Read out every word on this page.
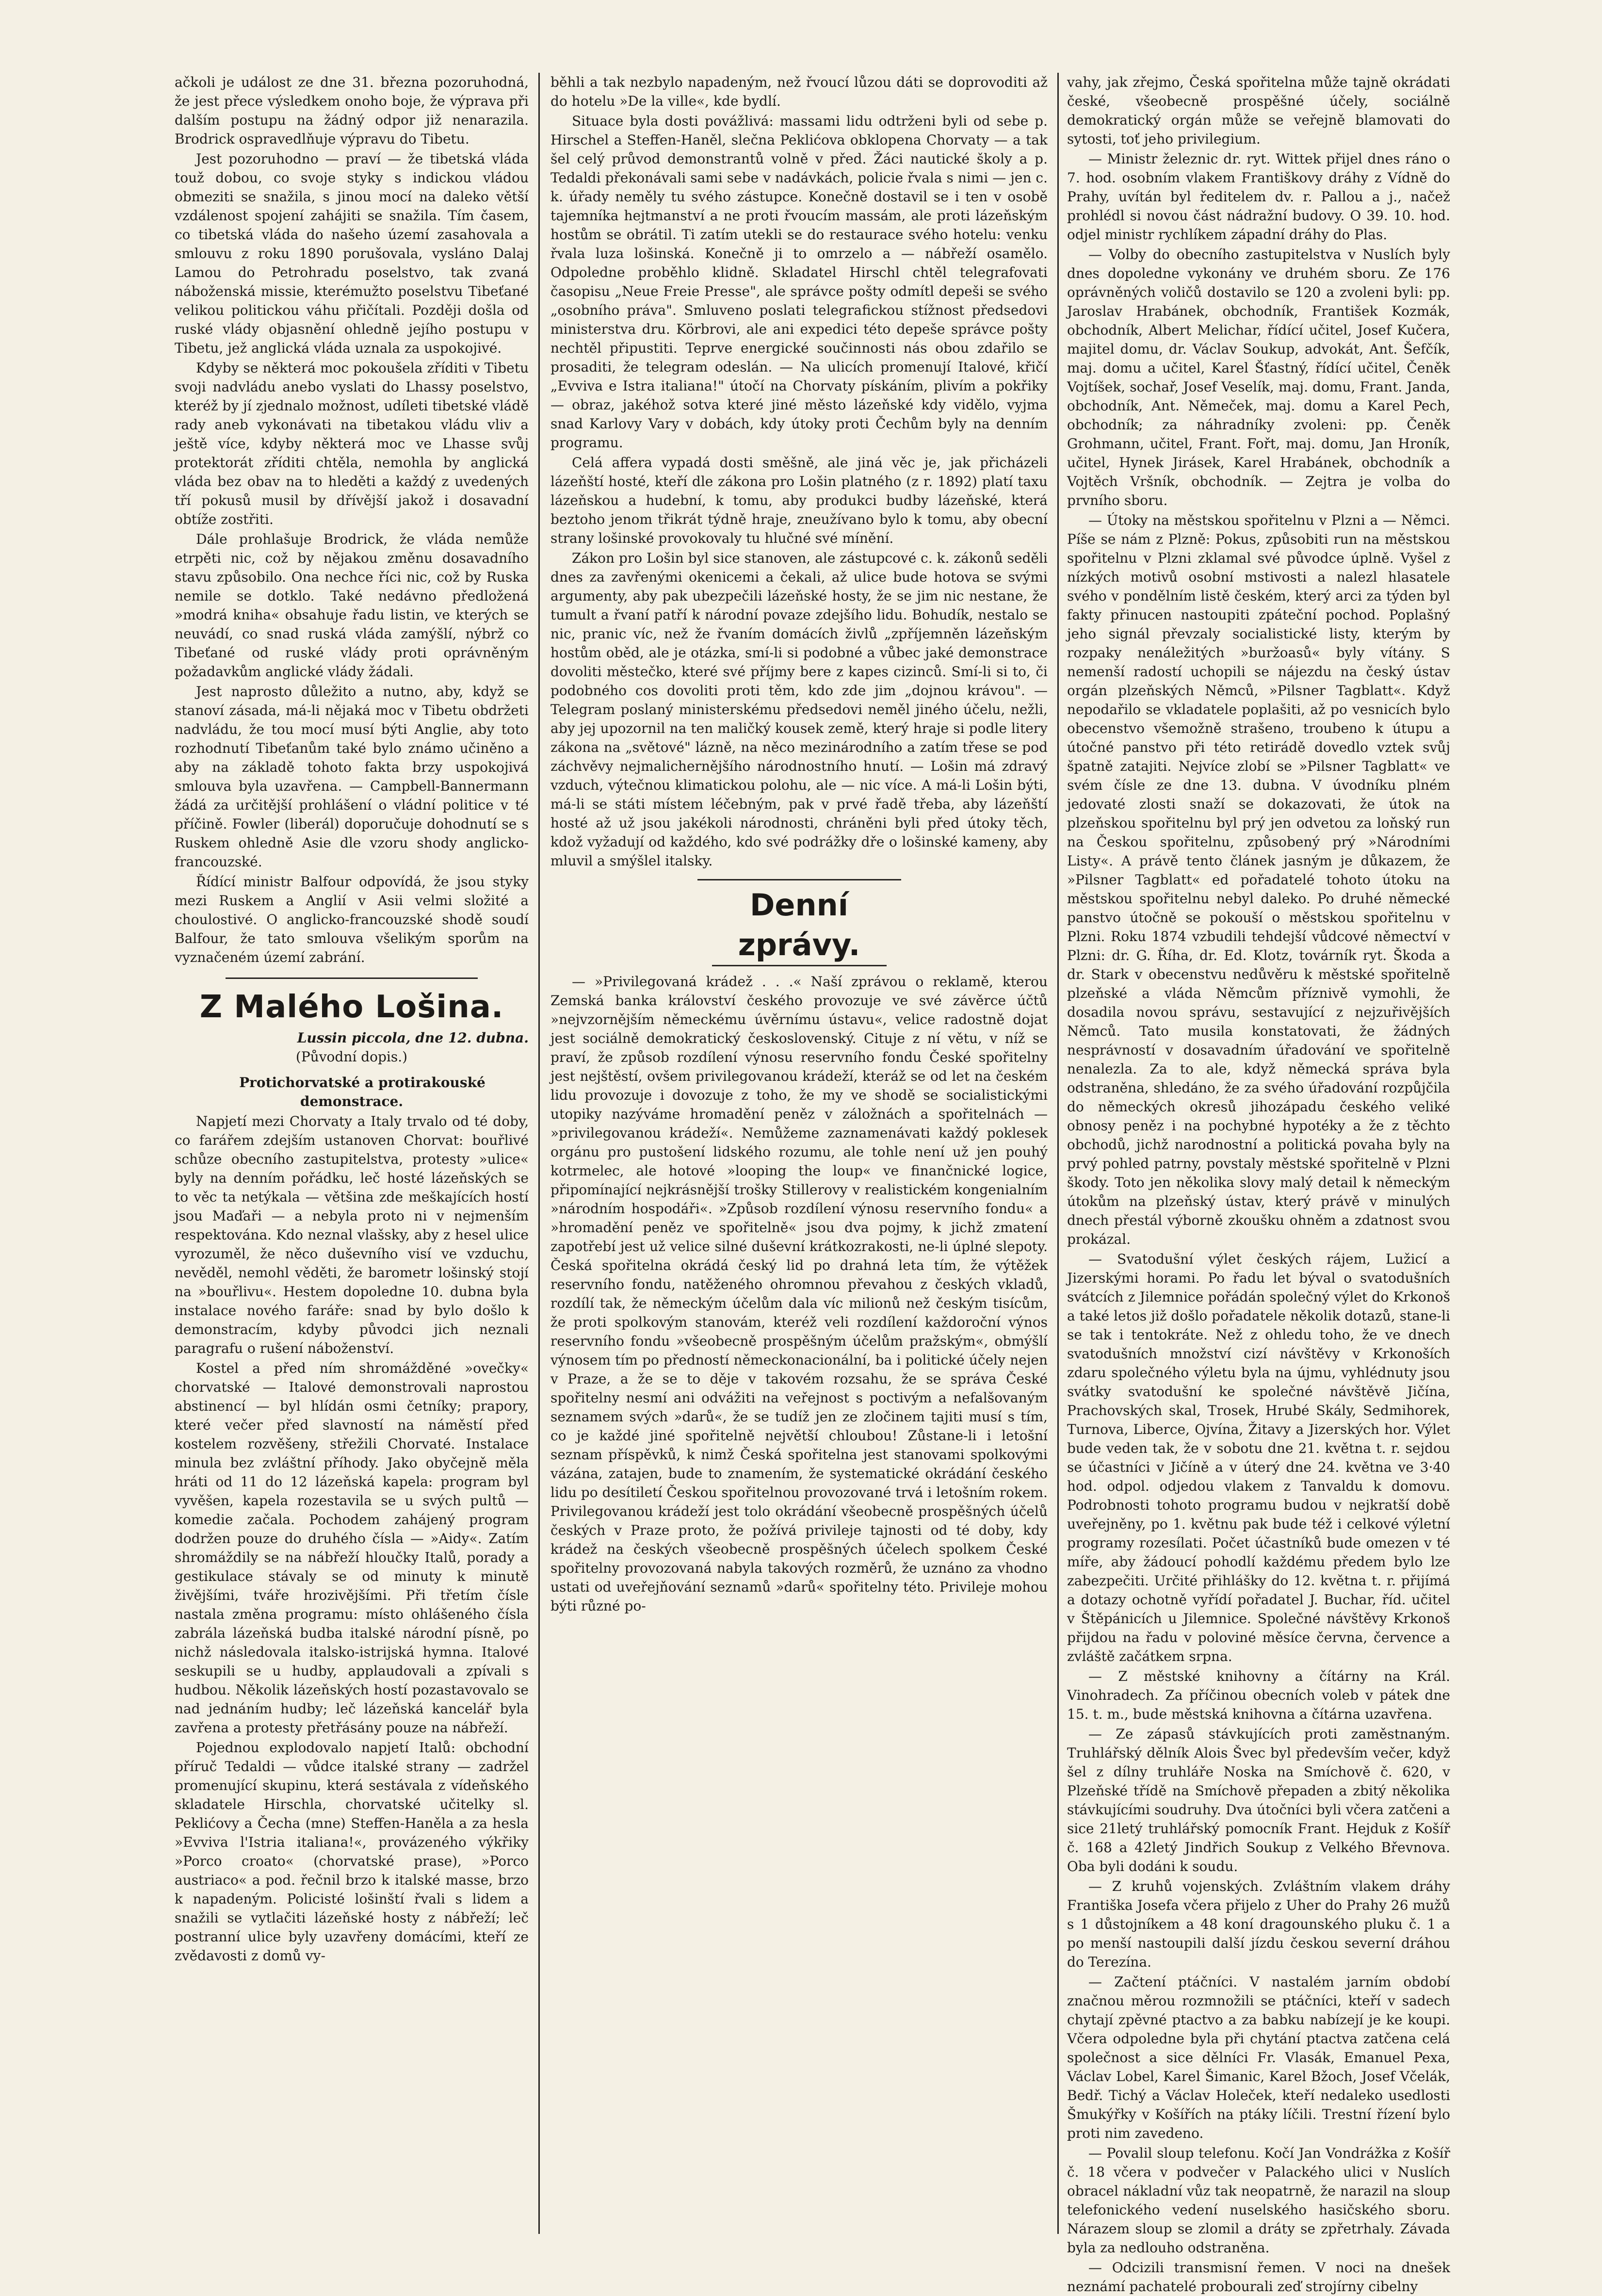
ačkoli je událost ze dne 31. března pozoruhodná, že jest přece výsledkem onoho boje, že výprava při dalším postupu na žádný odpor již nenarazila. Brodrick ospravedlňuje výpravu do Tibetu.

Jest pozoruhodno — praví — že tibetská vláda touž dobou, co svoje styky s indickou vládou obmeziti se snažila, s jinou mocí na daleko větší vzdálenost spojení zahájiti se snažila. Tím časem, co tibetská vláda do našeho území zasahovala a smlouvu z roku 1890 porušovala, vysláno Dalaj Lamou do Petrohradu poselstvo, tak zvaná náboženská missie, kterémužto poselstvu Tibeťané velikou politickou váhu přičítali. Později došla od ruské vlády objasnění ohledně jejího postupu v Tibetu, jež anglická vláda uznala za uspokojivé.

Kdyby se některá moc pokoušela zříditi v Tibetu svoji nadvládu anebo vyslati do Lhassy poselstvo, kteréž by jí zjednalo možnost, udíleti tibetské vládě rady aneb vykonávati na tibetakou vládu vliv a ještě více, kdyby některá moc ve Lhasse svůj protektorát zříditi chtěla, nemohla by anglická vláda bez obav na to hleděti a každý z uvedených tří pokusů musil by dřívější jakož i dosavadní obtíže zostřiti.

Dále prohlašuje Brodrick, že vláda nemůže etrpěti nic, což by nějakou změnu dosavadního stavu způsobilo. Ona nechce říci nic, což by Ruska nemile se dotklo. Také nedávno předložená »modrá kniha« obsahuje řadu listin, ve kterých se neuvádí, co snad ruská vláda zamýšlí, nýbrž co Tibeťané od ruské vlády proti oprávněným požadavkům anglické vlády žádali.

Jest naprosto důležito a nutno, aby, když se stanoví zásada, má-li nějaká moc v Tibetu obdržeti nadvládu, že tou mocí musí býti Anglie, aby toto rozhodnutí Tibeťanům také bylo známo učiněno a aby na základě tohoto fakta brzy uspokojivá smlouva byla uzavřena. — Campbell-Bannermann žádá za určitější prohlášení o vládní politice v té příčině. Fowler (liberál) doporučuje dohodnutí se s Ruskem ohledně Asie dle vzoru shody anglicko-francouzské.

Řídící ministr Balfour odpovídá, že jsou styky mezi Ruskem a Anglií v Asii velmi složité a choulostivé. O anglicko-francouzské shodě soudí Balfour, že tato smlouva všelikým sporům na vyznačeném území zabrání.

Z Malého Lošina.

Lussin piccola, dne 12. dubna.

(Původní dopis.)

Protichorvatské a protirakouské demonstrace.

Napjetí mezi Chorvaty a Italy trvalo od té doby, co farářem zdejším ustanoven Chorvat: bouřlivé schůze obecního zastupitelstva, protesty »ulice« byly na denním pořádku, leč hosté lázeňských se to věc ta netýkala — většina zde meškajících hostí jsou Maďaři — a nebyla proto ni v nejmenším respektována. Kdo neznal vlašsky, aby z hesel ulice vyrozuměl, že něco duševního visí ve vzduchu, nevěděl, nemohl věděti, že barometr lošinský stojí na »bouřlivu«. Hestem dopoledne 10. dubna byla instalace nového faráře: snad by bylo došlo k demonstracím, kdyby původci jich neznali paragrafu o rušení náboženství.

Kostel a před ním shromážděné »ovečky« chorvatské — Italové demonstrovali naprostou abstinencí — byl hlídán osmi četníky; prapory, které večer před slavností na náměstí před kostelem rozvěšeny, střežili Chorvaté. Instalace minula bez zvláštní příhody. Jako obyčejně měla hráti od 11 do 12 lázeňská kapela: program byl vyvěšen, kapela rozestavila se u svých pultů — komedie začala. Pochodem zahájený program dodržen pouze do druhého čísla — »Aidy«. Zatím shromáždily se na nábřeží hloučky Italů, porady a gestikulace stávaly se od minuty k minutě živějšími, tváře hrozivějšími. Při třetím čísle nastala změna programu: místo ohlášeného čísla zabrála lázeňská budba italské národní písně, po nichž následovala italsko-istrijská hymna. Italové seskupili se u hudby, applaudovali a zpívali s hudbou. Několik lázeňských hostí pozastavovalo se nad jednáním hudby; leč lázeňská kancelář byla zavřena a protesty přetřásány pouze na nábřeží.

Pojednou explodovalo napjetí Italů: obchodní příruč Tedaldi — vůdce italské strany — zadržel promenující skupinu, která sestávala z vídeňského skladatele Hirschla, chorvatské učitelky sl. Peklićovy a Čecha (mne) Steffen-Haněla a za hesla »Evviva l'Istria italiana!«, provázeného výkřiky »Porco croato« (chorvatské prase), »Porco austriaco« a pod. řečnil brzo k italské masse, brzo k napadeným. Policisté lošinští řvali s lidem a snažili se vytlačiti lázeňské hosty z nábřeží; leč postranní ulice byly uzavřeny domácími, kteří ze zvědavosti z domů vy-

běhli a tak nezbylo napadeným, než řvoucí lůzou dáti se doprovoditi až do hotelu »De la ville«, kde bydlí.

Situace byla dosti povážlivá: massami lidu odtrženi byli od sebe p. Hirschel a Steffen-Haněl, slečna Peklićova obklopena Chorvaty — a tak šel celý průvod demonstrantů volně v před. Žáci nautické školy a p. Tedaldi překonávali sami sebe v nadávkách, policie řvala s nimi — jen c. k. úřady neměly tu svého zástupce. Konečně dostavil se i ten v osobě tajemníka hejtmanství a ne proti řvoucím massám, ale proti lázeňským hostům se obrátil. Ti zatím utekli se do restaurace svého hotelu: venku řvala luza lošinská. Konečně ji to omrzelo a — nábřeží osamělo. Odpoledne proběhlo klidně. Skladatel Hirschl chtěl telegrafovati časopisu „Neue Freie Presse", ale správce pošty odmítl depeši se svého „osobního práva". Smluveno poslati telegrafickou stížnost předsedovi ministerstva dru. Körbrovi, ale ani expedici této depeše správce pošty nechtěl připustiti. Teprve energické součinnosti nás obou zdařilo se prosaditi, že telegram odeslán. — Na ulicích promenují Italové, křičí „Evviva e Istra italiana!" útočí na Chorvaty pískáním, plivím a pokřiky — obraz, jakéhož sotva které jiné město lázeňské kdy vidělo, vyjma snad Karlovy Vary v dobách, kdy útoky proti Čechům byly na denním programu.

Celá affera vypadá dosti směšně, ale jiná věc je, jak přicházeli lázeňští hosté, kteří dle zákona pro Lošin platného (z r. 1892) platí taxu lázeňskou a hudební, k tomu, aby produkci budby lázeňské, která beztoho jenom třikrát týdně hraje, zneužívano bylo k tomu, aby obecní strany lošinské provokovaly tu hlučné své mínění.

Zákon pro Lošin byl sice stanoven, ale zástupcové c. k. zákonů seděli dnes za zavřenými okenicemi a čekali, až ulice bude hotova se svými argumenty, aby pak ubezpečili lázeňské hosty, že se jim nic nestane, že tumult a řvaní patří k národní povaze zdejšího lidu. Bohudík, nestalo se nic, pranic víc, než že řvaním domácích živlů „zpříjemněn lázeňským hostům oběd, ale je otázka, smí-li si podobné a vůbec jaké demonstrace dovoliti městečko, které své příjmy bere z kapes cizinců. Smí-li si to, či podobného cos dovoliti proti těm, kdo zde jim „dojnou krávou". — Telegram poslaný ministerskému předsedovi neměl jiného účelu, nežli, aby jej upozornil na ten maličký kousek země, který hraje si podle litery zákona na „světové" lázně, na něco mezinárodního a zatím třese se pod záchvěvy nejmalichernějšího národnostního hnutí. — Lošin má zdravý vzduch, výtečnou klimatickou polohu, ale — nic více. A má-li Lošin býti, má-li se státi místem léčebným, pak v prvé řadě třeba, aby lázeňští hosté až už jsou jakékoli národnosti, chráněni byli před útoky těch, kdož vyžadují od každého, kdo své podrážky dře o lošinské kameny, aby mluvil a smýšlel italsky.

Denní zprávy.

— »Privilegovaná krádež . . .« Naší zprávou o reklamě, kterou Zemská banka království českého provozuje ve své závěrce účtů »nejvzornějším německému úvěrnímu ústavu«, velice radostně dojat jest sociálně demokratický československý. Cituje z ní větu, v níž se praví, že způsob rozdílení výnosu reservního fondu České spořitelny jest nejštěstí, ovšem privilegovanou krádeží, kteráž se od let na českém lidu provozuje i dovozuje z toho, že my ve shodě se socialistickými utopiky nazýváme hromadění peněz v záložnách a spořitelnách — »privilegovanou krádeží«. Nemůžeme zaznamenávati každý poklesek orgánu pro pustošení lidského rozumu, ale tohle není už jen pouhý kotrmelec, ale hotové »looping the loup« ve finančnické logice, připomínající nejkrásnější trošky Stillerovy v realistickém kongenialním »národním hospodáři«. »Způsob rozdílení výnosu reservního fondu« a »hromadění peněz ve spořitelně« jsou dva pojmy, k jichž zmatení zapotřebí jest už velice silné duševní krátkozrakosti, ne-li úplné slepoty. Česká spořitelna okrádá český lid po drahná leta tím, že výtěžek reservního fondu, natěženého ohromnou převahou z českých vkladů, rozdílí tak, že německým účelům dala víc milionů než českým tisícům, že proti spolkovým stanovám, kteréž veli rozdílení každoroční výnos reservního fondu »všeobecně prospěšným účelům pražským«, obmýšlí výnosem tím po předností německonacionální, ba i politické účely nejen v Praze, a že se to děje v takovém rozsahu, že se správa České spořitelny nesmí ani odvážiti na veřejnost s poctivým a nefalšovaným seznamem svých »darů«, že se tudíž jen ze zločinem tajiti musí s tím, co je každé jiné spořitelně největší chloubou! Zůstane-li i letošní seznam příspěvků, k nimž Česká spořitelna jest stanovami spolkovými vázána, zatajen, bude to znamením, že systematické okrádání českého lidu po desítiletí Českou spořitelnou provozované trvá i letošním rokem. Privilegovanou krádeží jest tolo okrádání všeobecně prospěšných účelů českých v Praze proto, že požívá privileje tajnosti od té doby, kdy krádež na českých všeobecně prospěšných účelech spolkem České spořitelny provozovaná nabyla takových rozměrů, že uznáno za vhodno ustati od uveřejňování seznamů »darů« spořitelny této. Privileje mohou býti různé po-

vahy, jak zřejmo, Česká spořitelna může tajně okrádati české, všeobecně prospěšné účely, sociálně demokratický orgán může se veřejně blamovati do sytosti, toť jeho privilegium.

— Ministr železnic dr. ryt. Wittek přijel dnes ráno o 7. hod. osobním vlakem Františkovy dráhy z Vídně do Prahy, uvítán byl ředitelem dv. r. Pallou a j., načež prohlédl si novou část nádražní budovy. O 39. 10. hod. odjel ministr rychlíkem západní dráhy do Plas.

— Volby do obecního zastupitelstva v Nuslích byly dnes dopoledne vykonány ve druhém sboru. Ze 176 oprávněných voličů dostavilo se 120 a zvoleni byli: pp. Jaroslav Hrabánek, obchodník, František Kozmák, obchodník, Albert Melichar, řídící učitel, Josef Kučera, majitel domu, dr. Václav Soukup, advokát, Ant. Šefčík, maj. domu a učitel, Karel Šťastný, řídící učitel, Čeněk Vojtíšek, sochař, Josef Veselík, maj. domu, Frant. Janda, obchodník, Ant. Němeček, maj. domu a Karel Pech, obchodník; za náhradníky zvoleni: pp. Čeněk Grohmann, učitel, Frant. Fořt, maj. domu, Jan Hroník, učitel, Hynek Jirásek, Karel Hrabánek, obchodník a Vojtěch Vršník, obchodník. — Zejtra je volba do prvního sboru.

— Útoky na městskou spořitelnu v Plzni a — Němci. Píše se nám z Plzně: Pokus, způsobiti run na městskou spořitelnu v Plzni zklamal své původce úplně. Vyšel z nízkých motivů osobní mstivosti a nalezl hlasatele svého v pondělním listě českém, který arci za týden byl fakty přinucen nastoupiti zpáteční pochod. Poplašný jeho signál převzaly socialistické listy, kterým by rozpaky nenáležitých »buržoasů« byly vítány. S nemenší radostí uchopili se nájezdu na český ústav orgán plzeňských Němců, »Pilsner Tagblatt«. Když nepodařilo se vkladatele poplašiti, až po vesnicích bylo obecenstvo všemožně strašeno, troubeno k útupu a útočné panstvo při této retirádě dovedlo vztek svůj špatně zatajiti. Nejvíce zlobí se »Pilsner Tagblatt« ve svém čísle ze dne 13. dubna. V úvodníku plném jedovaté zlosti snaží se dokazovati, že útok na plzeňskou spořitelnu byl prý jen odvetou za loňský run na Českou spořitelnu, způsobený prý »Národními Listy«. A právě tento článek jasným je důkazem, že »Pilsner Tagblatt« ed pořadatelé tohoto útoku na městskou spořitelnu nebyl daleko. Po druhé německé panstvo útočně se pokouší o městskou spořitelnu v Plzni. Roku 1874 vzbudili tehdejší vůdcové němectví v Plzni: dr. G. Říha, dr. Ed. Klotz, továrník ryt. Škoda a dr. Stark v obecenstvu nedůvěru k městské spořitelně plzeňské a vláda Němcům příznivě vymohli, že dosadila novou správu, sestavující z nejzuřivějších Němců. Tato musila konstatovati, že žádných nesprávností v dosavadním úřadování ve spořitelně nenalezla. Za to ale, když německá správa byla odstraněna, shledáno, že za svého úřadování rozpůjčila do německých okresů jihozápadu českého veliké obnosy peněz i na pochybné hypotéky a že z těchto obchodů, jichž narodnostní a politická povaha byly na prvý pohled patrny, povstaly městské spořitelně v Plzni škody. Toto jen několika slovy malý detail k německým útokům na plzeňský ústav, který právě v minulých dnech přestál výborně zkoušku ohněm a zdatnost svou prokázal.

— Svatodušní výlet českých rájem, Lužicí a Jizerskými horami. Po řadu let býval o svatodušních svátcích z Jilemnice pořádán společný výlet do Krkonoš a také letos již došlo pořadatele několik dotazů, stane-li se tak i tentokráte. Než z ohledu toho, že ve dnech svatodušních množství cizí návštěvy v Krkonoších zdaru společného výletu byla na újmu, vyhlédnuty jsou svátky svatodušní ke společné návštěvě Jičína, Prachovských skal, Trosek, Hrubé Skály, Sedmihorek, Turnova, Liberce, Ojvína, Žitavy a Jizerských hor. Výlet bude veden tak, že v sobotu dne 21. května t. r. sejdou se účastníci v Jičíně a v úterý dne 24. května ve 3·40 hod. odpol. odjedou vlakem z Tanvaldu k domovu. Podrobnosti tohoto programu budou v nejkratší době uveřejněny, po 1. květnu pak bude též i celkové výletní programy rozesílati. Počet účastníků bude omezen v té míře, aby žádoucí pohodlí každému předem bylo lze zabezpečiti. Určité přihlášky do 12. května t. r. přijímá a dotazy ochotně vyřídí pořadatel J. Buchar, říd. učitel v Štěpánicích u Jilemnice. Společné návštěvy Krkonoš přijdou na řadu v poloviné měsíce června, července a zvláště začátkem srpna.

— Z městské knihovny a čítárny na Král. Vinohradech. Za příčinou obecních voleb v pátek dne 15. t. m., bude městská knihovna a čítárna uzavřena.

— Ze zápasů stávkujících proti zaměstnaným. Truhlářský dělník Alois Švec byl především večer, když šel z dílny truhláře Noska na Smíchově č. 620, v Plzeňské třídě na Smíchově přepaden a zbitý několika stávkujícími soudruhy. Dva útočníci byli včera zatčeni a sice 21letý truhlářský pomocník Frant. Hejduk z Košíř č. 168 a 42letý Jindřich Soukup z Velkého Břevnova. Oba byli dodáni k soudu.

— Z kruhů vojenských. Zvláštním vlakem dráhy Františka Josefa včera přijelo z Uher do Prahy 26 mužů s 1 důstojníkem a 48 koní dragounského pluku č. 1 a po menší nastoupili další jízdu českou severní dráhou do Terezína.

— Začtení ptáčníci. V nastalém jarním období značnou měrou rozmnožili se ptáčníci, kteří v sadech chytají zpěvné ptactvo a za babku nabízejí je ke koupi. Včera odpoledne byla při chytání ptactva zatčena celá společnost a sice dělníci Fr. Vlasák, Emanuel Pexa, Václav Lobel, Karel Šimanic, Karel Bžoch, Josef Včelák, Bedř. Tichý a Václav Holeček, kteří nedaleko usedlosti Šmukýřky v Košířích na ptáky líčili. Trestní řízení bylo proti nim zavedeno.

— Povalil sloup telefonu. Kočí Jan Vondrážka z Košíř č. 18 včera v podvečer v Palackého ulici v Nuslích obracel nákladní vůz tak neopatrně, že narazil na sloup telefonického vedení nuselského hasičského sboru. Nárazem sloup se zlomil a dráty se zpřetrhaly. Závada byla za nedlouho odstraněna.

— Odcizili transmisní řemen. V noci na dnešek neznámí pachatelé probourali zeď strojírny cibelny
